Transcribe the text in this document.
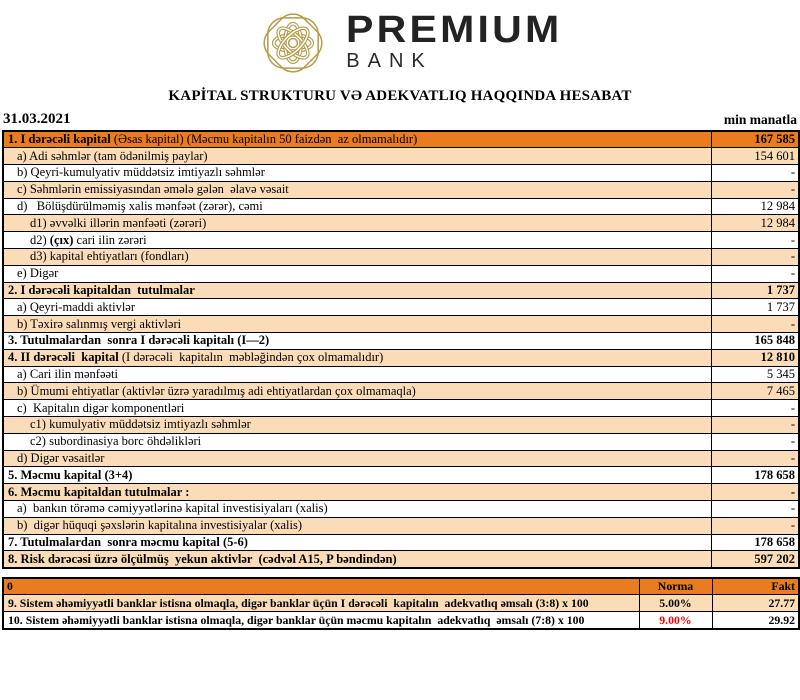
PREMIUM
BANK
KAPİTAL STRUKTURU VƏ ADEKVATLIQ HAQQINDA HESABAT
31.03.2021	min manatla
1. I dərəcəli kapital (Əsas kapital) (Məcmu kapitalın 50 faizdən  az olmamalıdır)	167 585
a) Adi səhmlər (tam ödənilmiş paylar)	154 601
b) Qeyri-kumulyativ müddətsiz imtiyazlı səhmlər	-
c) Səhmlərin emissiyasından əmələ gələn  əlavə vəsait	-
d)   Bölüşdürülməmiş xalis mənfəət (zərər), cəmi	12 984
d1) əvvəlki illərin mənfəəti (zərəri)	12 984
d2) (çıx) cari ilin zərəri	-
d3) kapital ehtiyatları (fondları)	-
e) Digər	-
2. I dərəcəli kapitaldan  tutulmalar	1 737
a) Qeyri-maddi aktivlər	1 737
b) Təxirə salınmış vergi aktivləri	-
3. Tutulmalardan  sonra I dərəcəli kapitalı (I—2)	165 848
4. II dərəcəli  kapital (I dərəcəli  kapitalın  məbləğindən çox olmamalıdır)	12 810
a) Cari ilin mənfəəti	5 345
b) Ümumi ehtiyatlar (aktivlər üzrə yaradılmış adi ehtiyatlardan çox olmamaqla)	7 465
c)  Kapitalın digər komponentləri	-
c1) kumulyativ müddətsiz imtiyazlı səhmlər	-
c2) subordinasiya borc öhdəlikləri	-
d) Digər vəsaitlər	-
5. Məcmu kapital (3+4)	178 658
6. Məcmu kapitaldan tutulmalar :	-
a)  bankın törəmə cəmiyyətlərinə kapital investisiyaları (xalis)	-
b)  digər hüquqi şəxslərin kapitalına investisiyalar (xalis)	-
7. Tutulmalardan  sonra məcmu kapital (5-6)	178 658
8. Risk dərəcəsi üzrə ölçülmüş  yekun aktivlər  (cədvəl A15, P bəndindən)	597 202
0	Norma	Fakt
9. Sistem əhəmiyyətli banklar istisna olmaqla, digər banklar üçün I dərəcəli  kapitalın  adekvatlıq əmsalı (3:8) x 100	5.00%	27.77
10. Sistem əhəmiyyətli banklar istisna olmaqla, digər banklar üçün məcmu kapitalın  adekvatlıq  əmsalı (7:8) x 100	9.00%	29.92
